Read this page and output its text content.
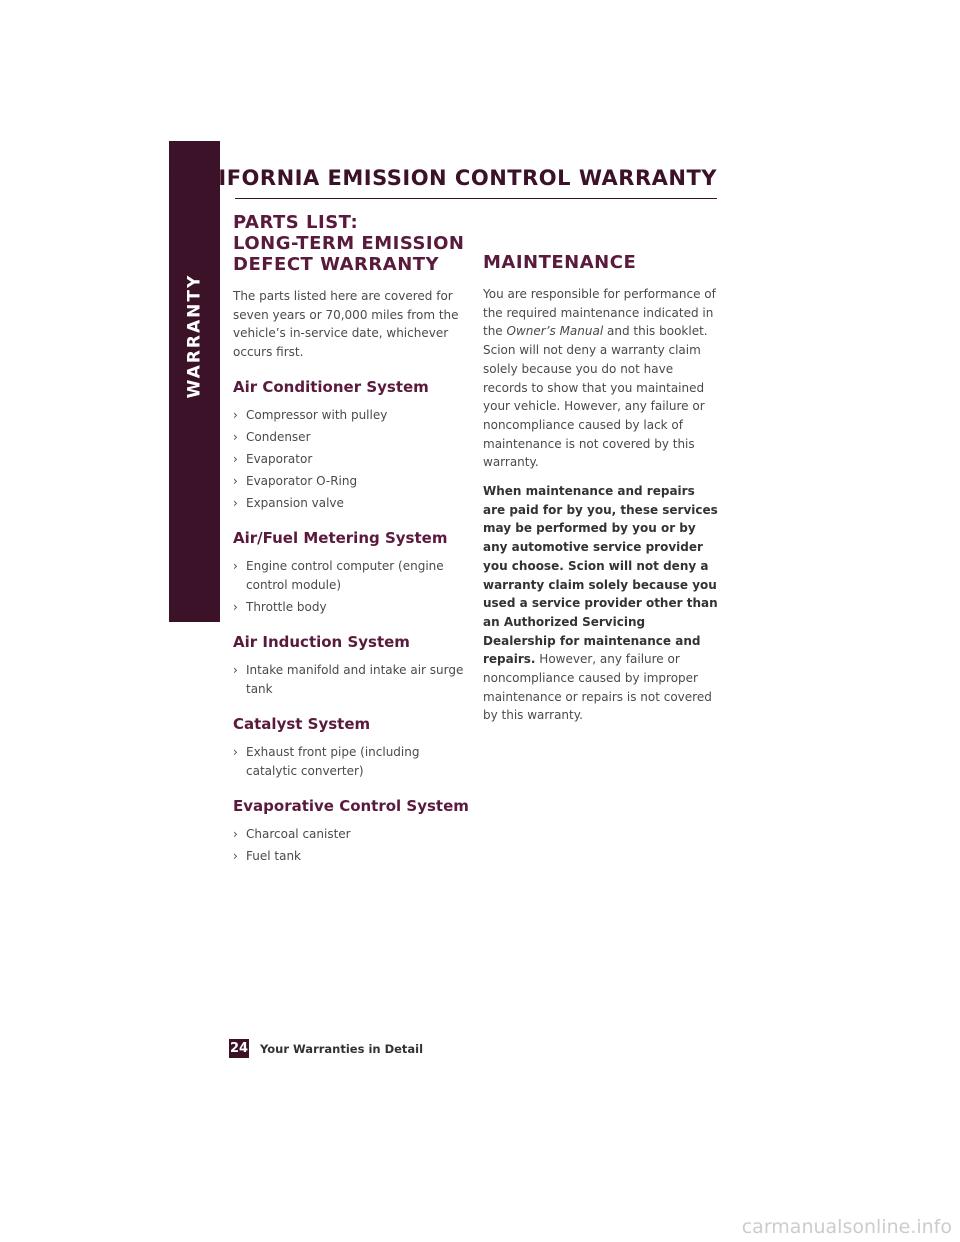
WARRANTY
CALIFORNIA EMISSION CONTROL WARRANTY
PARTS LIST:
LONG-TERM EMISSION
DEFECT WARRANTY

The parts listed here are covered for seven years or 70,000 miles from the vehicle’s in-service date, whichever occurs first.

Air Conditioner System
› Compressor with pulley
› Condenser
› Evaporator
› Evaporator O-Ring
› Expansion valve
Air/Fuel Metering System
› Engine control computer (engine control module)
› Throttle body
Air Induction System
› Intake manifold and intake air surge tank
Catalyst System
› Exhaust front pipe (including catalytic converter)
Evaporative Control System
› Charcoal canister
› Fuel tank
MAINTENANCE

You are responsible for performance of the required maintenance indicated in the Owner’s Manual and this booklet. Scion will not deny a warranty claim solely because you do not have records to show that you maintained your vehicle. However, any failure or noncompliance caused by lack of maintenance is not covered by this warranty.

When maintenance and repairs are paid for by you, these services may be performed by you or by any automotive service provider you choose. Scion will not deny a warranty claim solely because you used a service provider other than an Authorized Servicing Dealership for maintenance and repairs. However, any failure or noncompliance caused by improper maintenance or repairs is not covered by this warranty.

24 Your Warranties in Detail
carmanualsonline.info
